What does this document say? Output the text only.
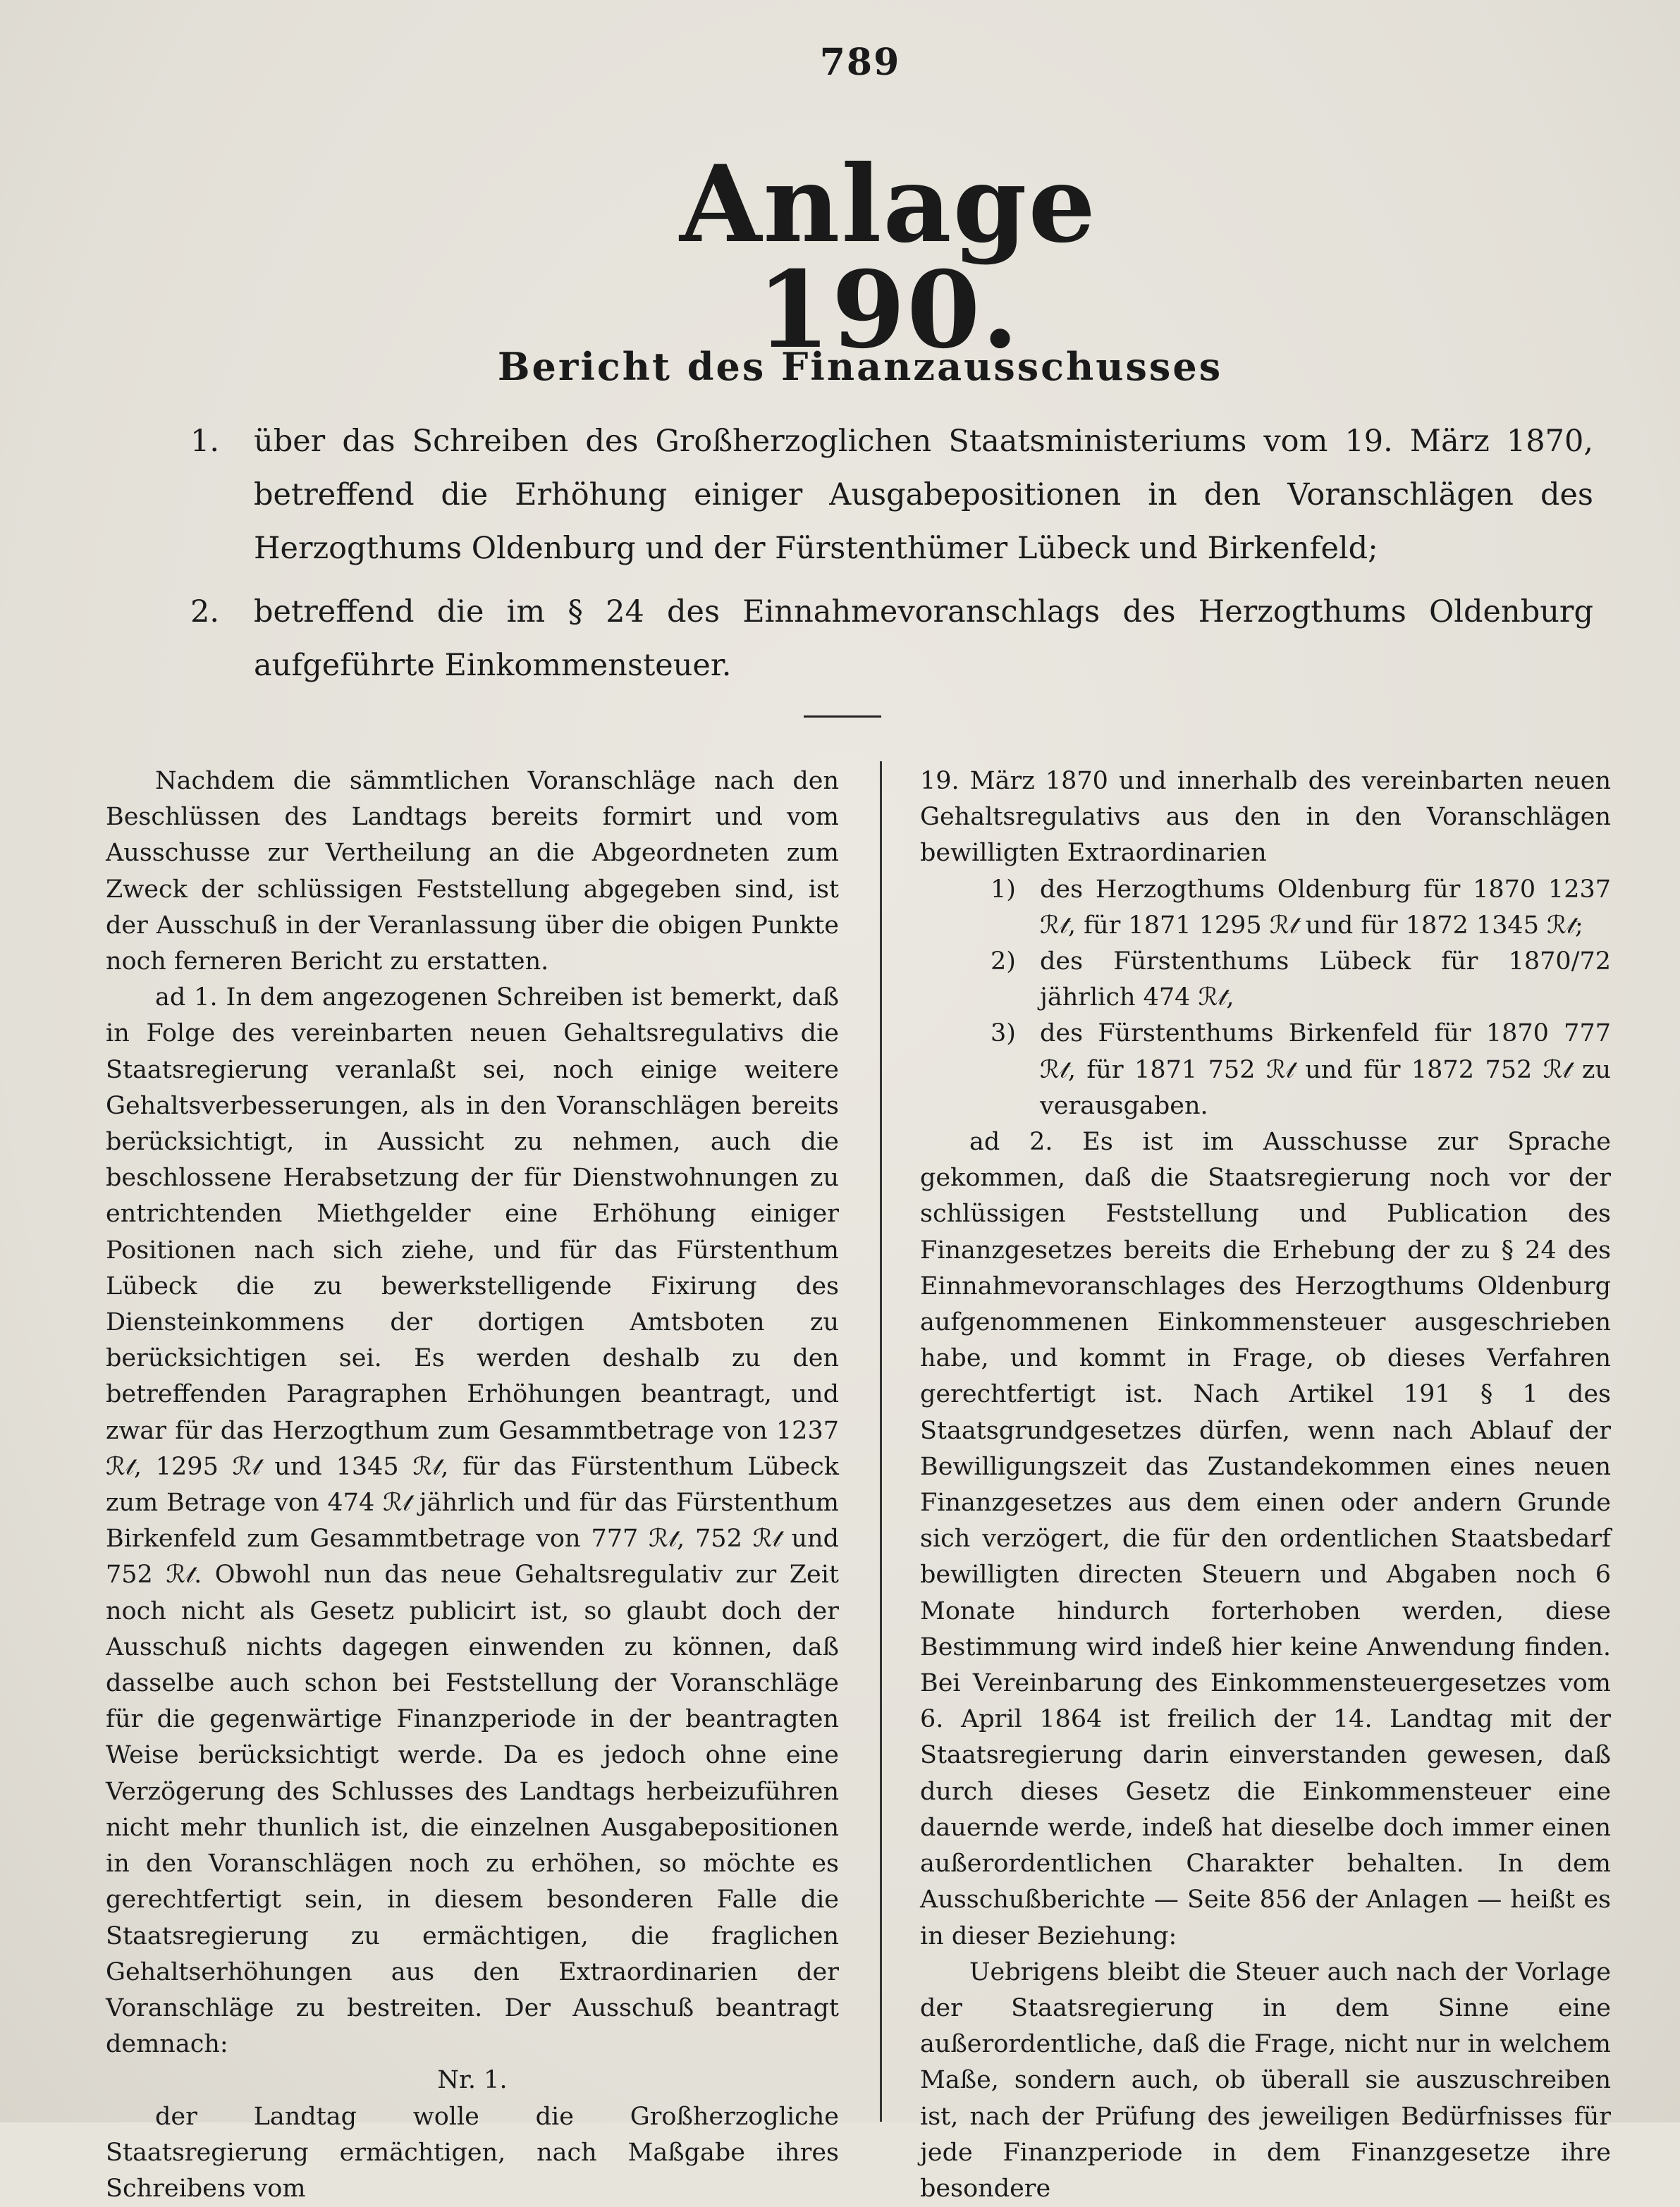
789
Anlage 190.
Bericht des Finanzausschusses
1.	über das Schreiben des Großherzoglichen Staatsministeriums vom 19. März 1870, betreffend die Erhöhung einiger Ausgabepositionen in den Voranschlägen des Herzogthums Oldenburg und der Fürstenthümer Lübeck und Birkenfeld;
2.	betreffend die im § 24 des Einnahmevoranschlags des Herzogthums Oldenburg aufgeführte Einkommensteuer.

Nachdem die sämmtlichen Voranschläge nach den Beschlüssen des Landtags bereits formirt und vom Ausschusse zur Vertheilung an die Abgeordneten zum Zweck der schlüssigen Feststellung abgegeben sind, ist der Ausschuß in der Veranlassung über die obigen Punkte noch ferneren Bericht zu erstatten.

ad 1. In dem angezogenen Schreiben ist bemerkt, daß in Folge des vereinbarten neuen Gehaltsregulativs die Staatsregierung veranlaßt sei, noch einige weitere Gehaltsverbesserungen, als in den Voranschlägen bereits berücksichtigt, in Aussicht zu nehmen, auch die beschlossene Herabsetzung der für Dienstwohnungen zu entrichtenden Miethgelder eine Erhöhung einiger Positionen nach sich ziehe, und für das Fürstenthum Lübeck die zu bewerkstelligende Fixirung des Diensteinkommens der dortigen Amtsboten zu berücksichtigen sei. Es werden deshalb zu den betreffenden Paragraphen Erhöhungen beantragt, und zwar für das Herzogthum zum Gesammtbetrage von 1237 ℛ𝓉, 1295 ℛ𝓉 und 1345 ℛ𝓉, für das Fürstenthum Lübeck zum Betrage von 474 ℛ𝓉 jährlich und für das Fürstenthum Birkenfeld zum Gesammtbetrage von 777 ℛ𝓉, 752 ℛ𝓉 und 752 ℛ𝓉. Obwohl nun das neue Gehaltsregulativ zur Zeit noch nicht als Gesetz publicirt ist, so glaubt doch der Ausschuß nichts dagegen einwenden zu können, daß dasselbe auch schon bei Feststellung der Voranschläge für die gegenwärtige Finanzperiode in der beantragten Weise berücksichtigt werde. Da es jedoch ohne eine Verzögerung des Schlusses des Landtags herbeizuführen nicht mehr thunlich ist, die einzelnen Ausgabepositionen in den Voranschlägen noch zu erhöhen, so möchte es gerechtfertigt sein, in diesem besonderen Falle die Staatsregierung zu ermächtigen, die fraglichen Gehaltserhöhungen aus den Extraordinarien der Voranschläge zu bestreiten. Der Ausschuß beantragt demnach:

Nr. 1.

der Landtag wolle die Großherzogliche Staatsregierung ermächtigen, nach Maßgabe ihres Schreibens vom

19. März 1870 und innerhalb des vereinbarten neuen Gehaltsregulativs aus den in den Voranschlägen bewilligten Extraordinarien

1) des Herzogthums Oldenburg für 1870 1237 ℛ𝓉, für 1871 1295 ℛ𝓉 und für 1872 1345 ℛ𝓉;
2) des Fürstenthums Lübeck für 1870/72 jährlich 474 ℛ𝓉,
3) des Fürstenthums Birkenfeld für 1870 777 ℛ𝓉, für 1871 752 ℛ𝓉 und für 1872 752 ℛ𝓉 zu verausgaben.

ad 2. Es ist im Ausschusse zur Sprache gekommen, daß die Staatsregierung noch vor der schlüssigen Feststellung und Publication des Finanzgesetzes bereits die Erhebung der zu § 24 des Einnahmevoranschlages des Herzogthums Oldenburg aufgenommenen Einkommensteuer ausgeschrieben habe, und kommt in Frage, ob dieses Verfahren gerechtfertigt ist. Nach Artikel 191 § 1 des Staatsgrundgesetzes dürfen, wenn nach Ablauf der Bewilligungszeit das Zustandekommen eines neuen Finanzgesetzes aus dem einen oder andern Grunde sich verzögert, die für den ordentlichen Staatsbedarf bewilligten directen Steuern und Abgaben noch 6 Monate hindurch forterhoben werden, diese Bestimmung wird indeß hier keine Anwendung finden. Bei Vereinbarung des Einkommensteuergesetzes vom 6. April 1864 ist freilich der 14. Landtag mit der Staatsregierung darin einverstanden gewesen, daß durch dieses Gesetz die Einkommensteuer eine dauernde werde, indeß hat dieselbe doch immer einen außerordentlichen Charakter behalten. In dem Ausschußberichte — Seite 856 der Anlagen — heißt es in dieser Beziehung:

Uebrigens bleibt die Steuer auch nach der Vorlage der Staatsregierung in dem Sinne eine außerordentliche, daß die Frage, nicht nur in welchem Maße, sondern auch, ob überall sie auszuschreiben ist, nach der Prüfung des jeweiligen Bedürfnisses für jede Finanzperiode in dem Finanzgesetze ihre besondere
